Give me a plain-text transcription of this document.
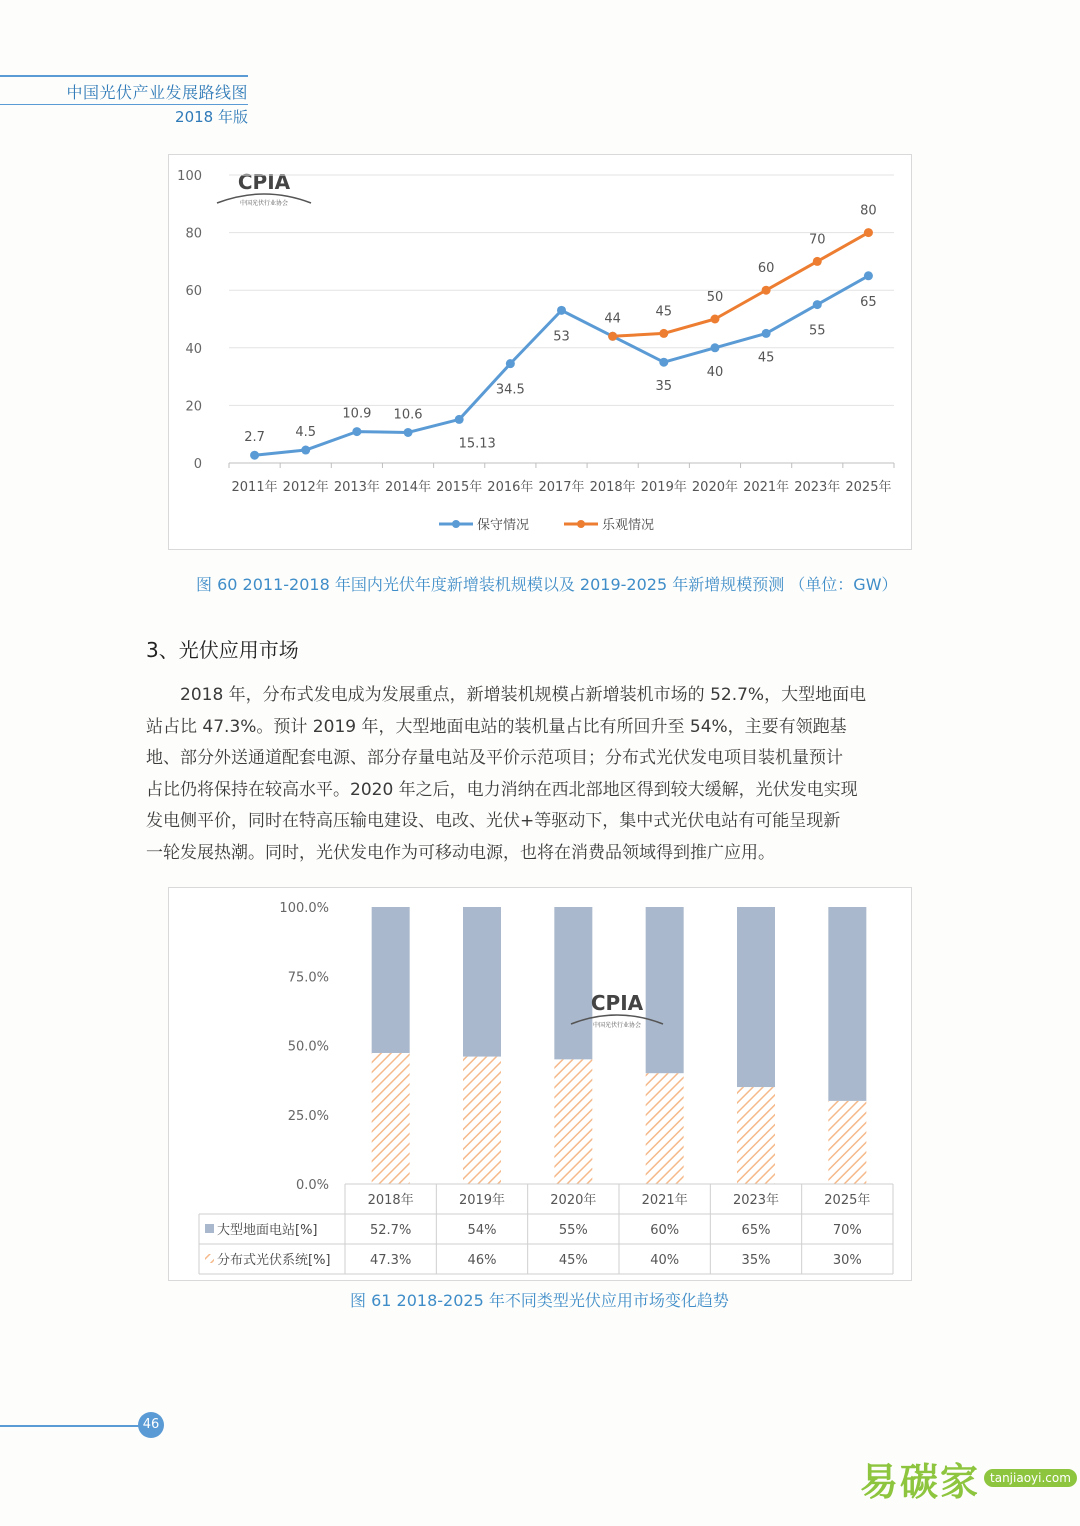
中国光伏产业发展路线图
2018 年版
CPIA
中国光伏行业协会
0
20
40
60
80
100
2011年 2012年 2013年 2014年 2015年 2016年 2017年 2018年 2019年 2020年 2021年 2023年 2025年
2.7 4.5
10.9 10.6
15.13
34.5
53
44
35
40
45
55
65
45
50
60
70
80
保守情况	乐观情况
图 60 2011-2018 年国内光伏年度新增装机规模以及 2019-2025 年新增规模预测 （单位：GW）
3、光伏应用市场
2018 年，分布式发电成为发展重点，新增装机规模占新增装机市场的 52.7%，大型地面电
站占比 47.3%。预计 2019 年，大型地面电站的装机量占比有所回升至 54%，主要有领跑基
地、部分外送通道配套电源、部分存量电站及平价示范项目；分布式光伏发电项目装机量预计
占比仍将保持在较高水平。2020 年之后，电力消纳在西北部地区得到较大缓解，光伏发电实现
发电侧平价，同时在特高压输电建设、电改、光伏+等驱动下，集中式光伏电站有可能呈现新
一轮发展热潮。同时，光伏发电作为可移动电源，也将在消费品领域得到推广应用。
0.0%
25.0%
50.0%
75.0%
100.0%
CPIA
中国光伏行业协会
2018年	2019年	2020年	2021年	2023年	2025年
大型地面电站[%]	52.7%	54%	55%	60%	65%	70%
分布式光伏系统[%]	47.3%	46%	45%	40%	35%	30%
图 61 2018-2025 年不同类型光伏应用市场变化趋势
46
易碳家 tanjiaoyi.com
